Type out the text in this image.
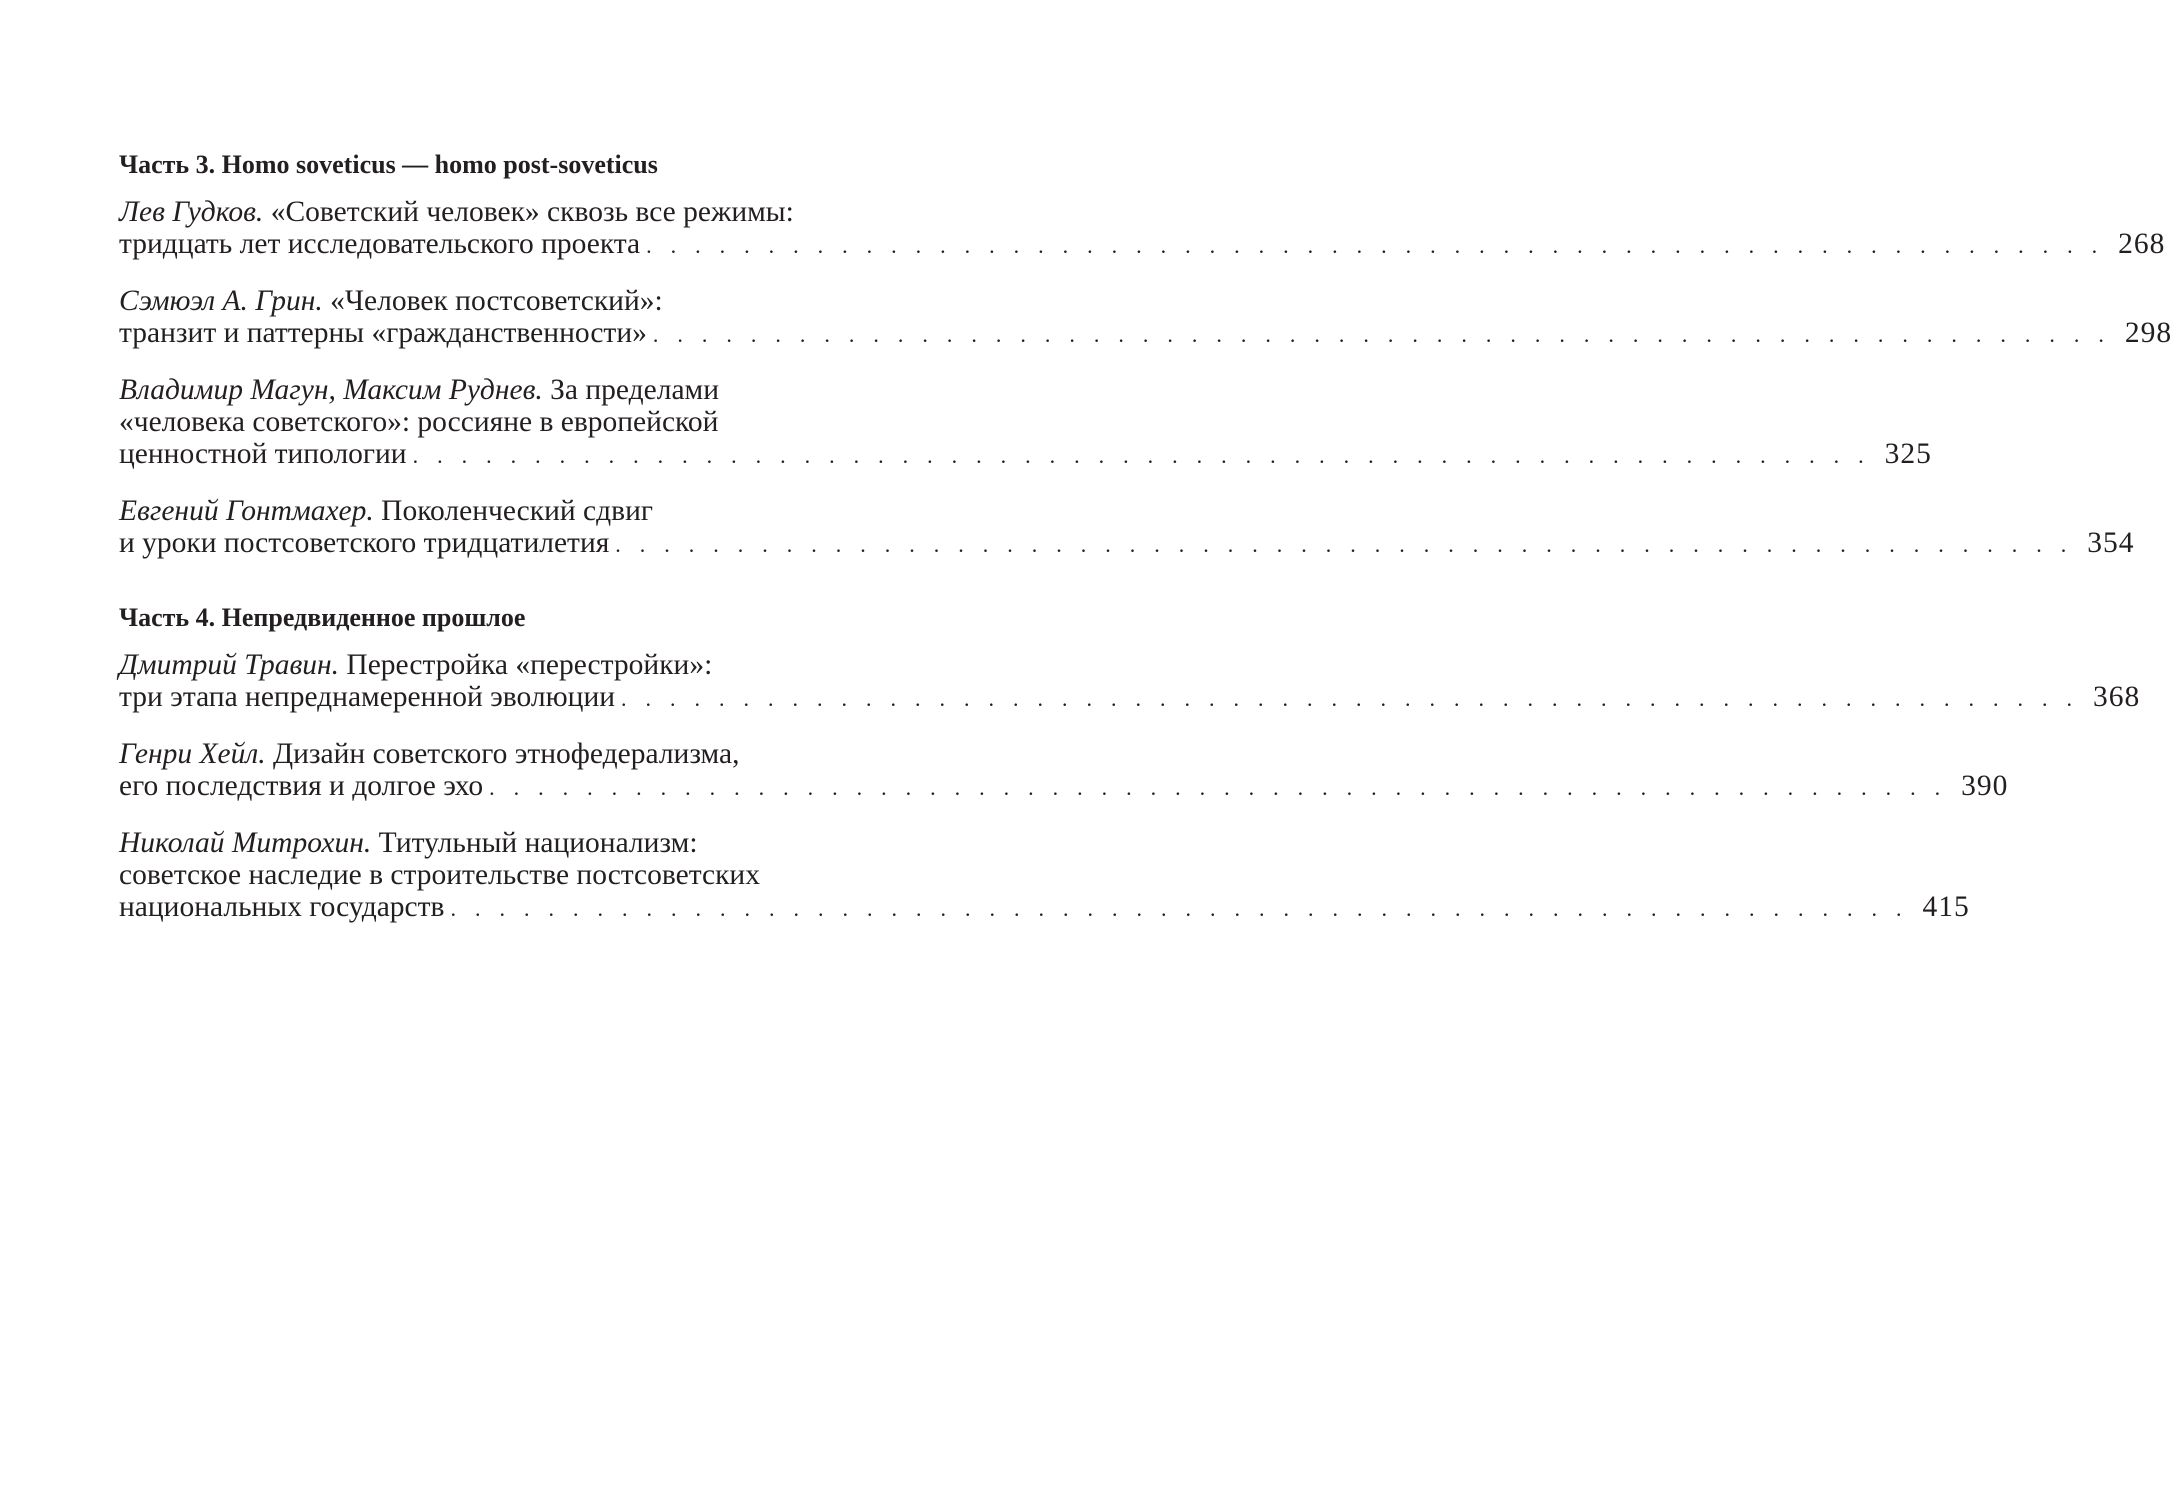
Часть 3. Homo soveticus — homo post-soveticus
Лев Гудков. «Советский человек» сквозь все режимы:
тридцать лет исследовательского проекта ............................................................ 268
Сэмюэл А. Грин. «Человек постсоветский»:
транзит и паттерны «гражданственности» ............................................................ 298
Владимир Магун, Максим Руднев. За пределами
«человека советского»: россияне в европейской
ценностной типологии ............................................................ 325
Евгений Гонтмахер. Поколенческий сдвиг
и уроки постсоветского тридцатилетия ............................................................ 354
Часть 4. Непредвиденное прошлое
Дмитрий Травин. Перестройка «перестройки»:
три этапа непреднамеренной эволюции ............................................................ 368
Генри Хейл. Дизайн советского этнофедерализма,
его последствия и долгое эхо ............................................................ 390
Николай Митрохин. Титульный национализм:
советское наследие в строительстве постсоветских
национальных государств ............................................................ 415
